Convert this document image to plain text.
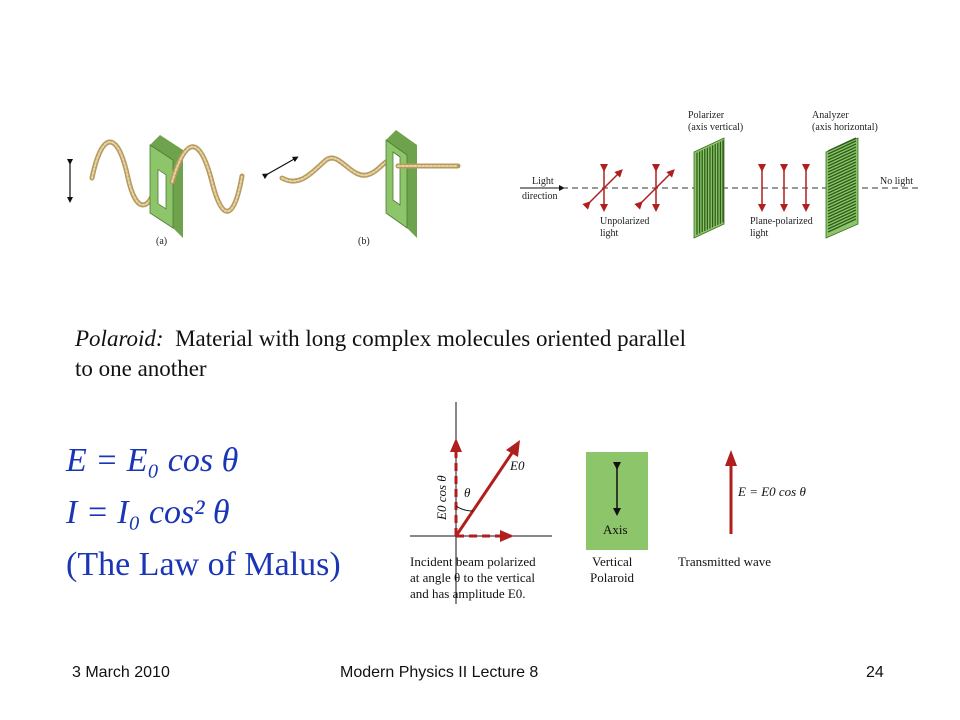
(a)	(b)
Polarizer
(axis vertical)
Analyzer
(axis horizontal)
Light
direction
Unpolarized
light
Plane-polarized
light
No light
θ
E0
E0 cos θ
Axis
E = E0 cos θ
Incident beam polarized
at angle θ to the vertical
and has amplitude E0.
Vertical
Polaroid
Transmitted wave
Polaroid: Material with long complex molecules oriented parallel
to one another
E = E₀ cos θ
I = I₀ cos² θ
(The Law of Malus)
3 March 2010	Modern Physics II Lecture 8	24
